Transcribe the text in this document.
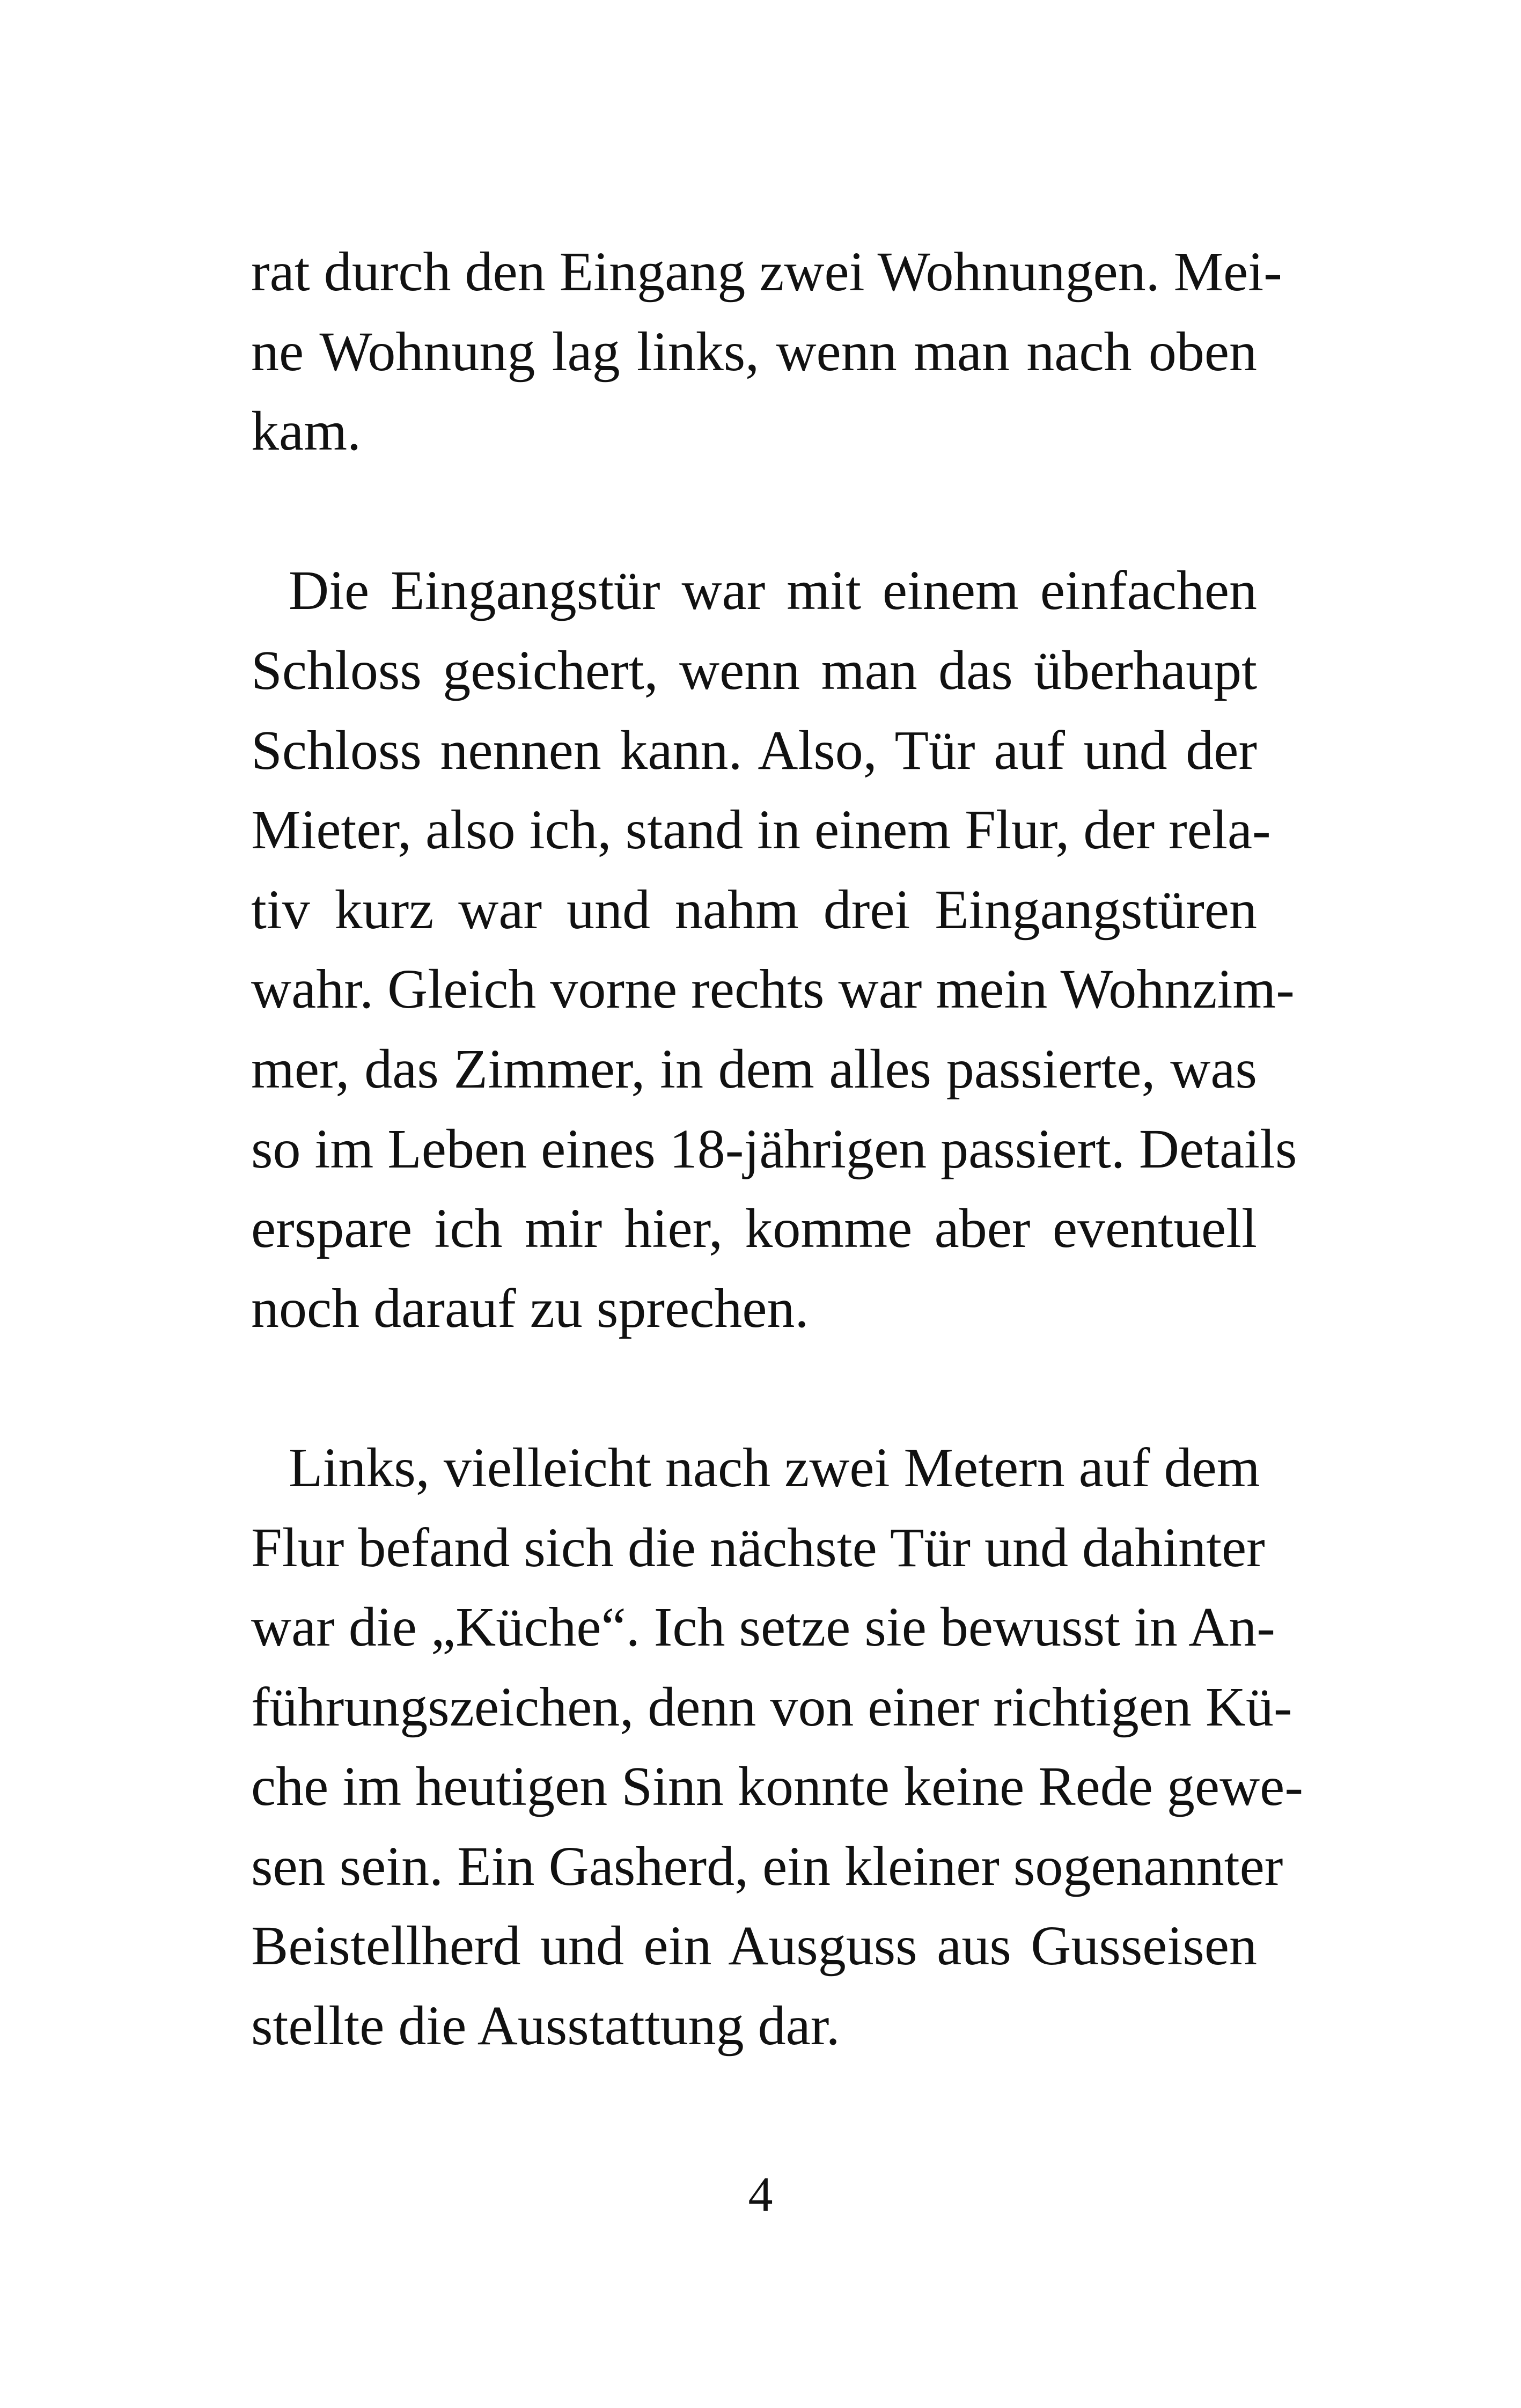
rat durch den Eingang zwei Wohnungen. Mei-
ne Wohnung lag links, wenn man nach oben
kam.
Die Eingangstür war mit einem einfachen
Schloss gesichert, wenn man das überhaupt
Schloss nennen kann. Also, Tür auf und der
Mieter, also ich, stand in einem Flur, der rela-
tiv kurz war und nahm drei Eingangstüren
wahr. Gleich vorne rechts war mein Wohnzim-
mer, das Zimmer, in dem alles passierte, was
so im Leben eines 18-jährigen passiert. Details
erspare ich mir hier, komme aber eventuell
noch darauf zu sprechen.
Links, vielleicht nach zwei Metern auf dem
Flur befand sich die nächste Tür und dahinter
war die „Küche“. Ich setze sie bewusst in An-
führungszeichen, denn von einer richtigen Kü-
che im heutigen Sinn konnte keine Rede gewe-
sen sein. Ein Gasherd, ein kleiner sogenannter
Beistellherd und ein Ausguss aus Gusseisen
stellte die Ausstattung dar.
4
